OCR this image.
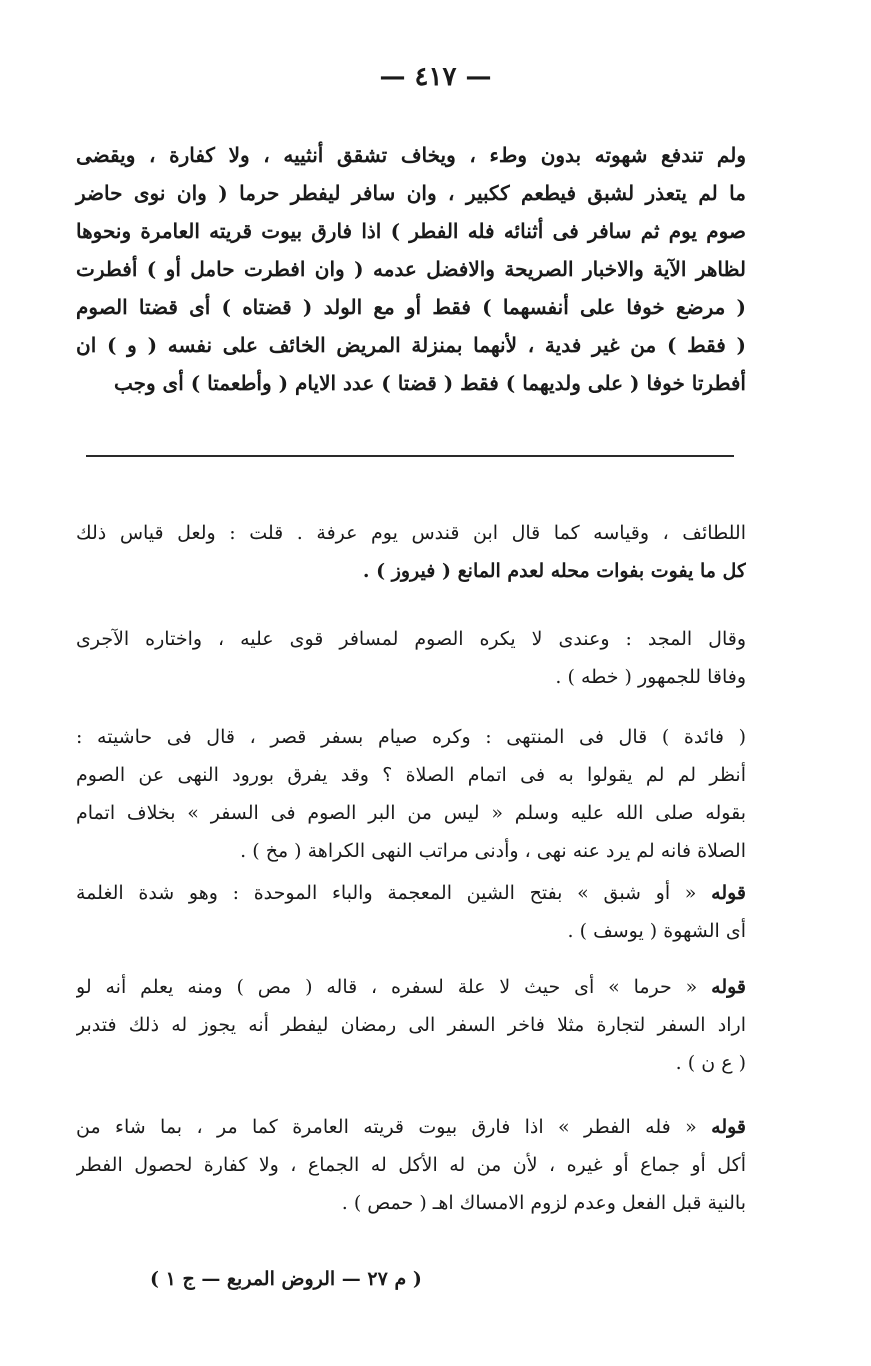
— ٤١٧ —

ولم تندفع شهوته بدون وطء ، ويخاف تشقق أنثييه ، ولا كفارة ، ويقضى

ما لم يتعذر لشبق فيطعم ككبير ، وان سافر ليفطر حرما ( وان نوى حاضر

صوم يوم ثم سافر فى أثنائه فله الفطر ) اذا فارق بيوت قريته العامرة ونحوها

لظاهر الآية والاخبار الصريحة والافضل عدمه ( وان افطرت حامل أو ) أفطرت

( مرضع خوفا على أنفسهما ) فقط أو مع الولد ( قضتاه ) أى قضتا الصوم

( فقط ) من غير فدية ، لأنهما بمنزلة المريض الخائف على نفسه ( و ) ان

أفطرتا خوفا ( على ولديهما ) فقط ( قضتا ) عدد الايام ( وأطعمتا ) أى وجب

اللطائف ، وقياسه كما قال ابن قندس يوم عرفة . قلت : ولعل قياس ذلك
كل ما يفوت بفوات محله لعدم المانع ( فيروز ) .
وقال المجد : وعندى لا يكره الصوم لمسافر قوى عليه ، واختاره الآجرى
وفاقا للجمهور ( خطه ) .
( فائدة ) قال فى المنتهى : وكره صيام بسفر قصر ، قال فى حاشيته :
أنظر لم لم يقولوا به فى اتمام الصلاة ؟ وقد يفرق بورود النهى عن الصوم
بقوله صلى الله عليه وسلم « ليس من البر الصوم فى السفر » بخلاف اتمام
الصلاة فانه لم يرد عنه نهى ، وأدنى مراتب النهى الكراهة ( مخ ) .
قوله « أو شبق » بفتح الشين المعجمة والباء الموحدة : وهو شدة الغلمة
أى الشهوة ( يوسف ) .
قوله « حرما » أى حيث لا علة لسفره ، قاله ( مص ) ومنه يعلم أنه لو
اراد السفر لتجارة مثلا فاخر السفر الى رمضان ليفطر أنه يجوز له ذلك فتدبر
( ع ن ) .
قوله « فله الفطر » اذا فارق بيوت قريته العامرة كما مر ، بما شاء من
أكل أو جماع أو غيره ، لأن من له الأكل له الجماع ، ولا كفارة لحصول الفطر
بالنية قبل الفعل وعدم لزوم الامساك اهـ ( حمص ) .
( م ٢٧ — الروض المربع — ج ١ )
